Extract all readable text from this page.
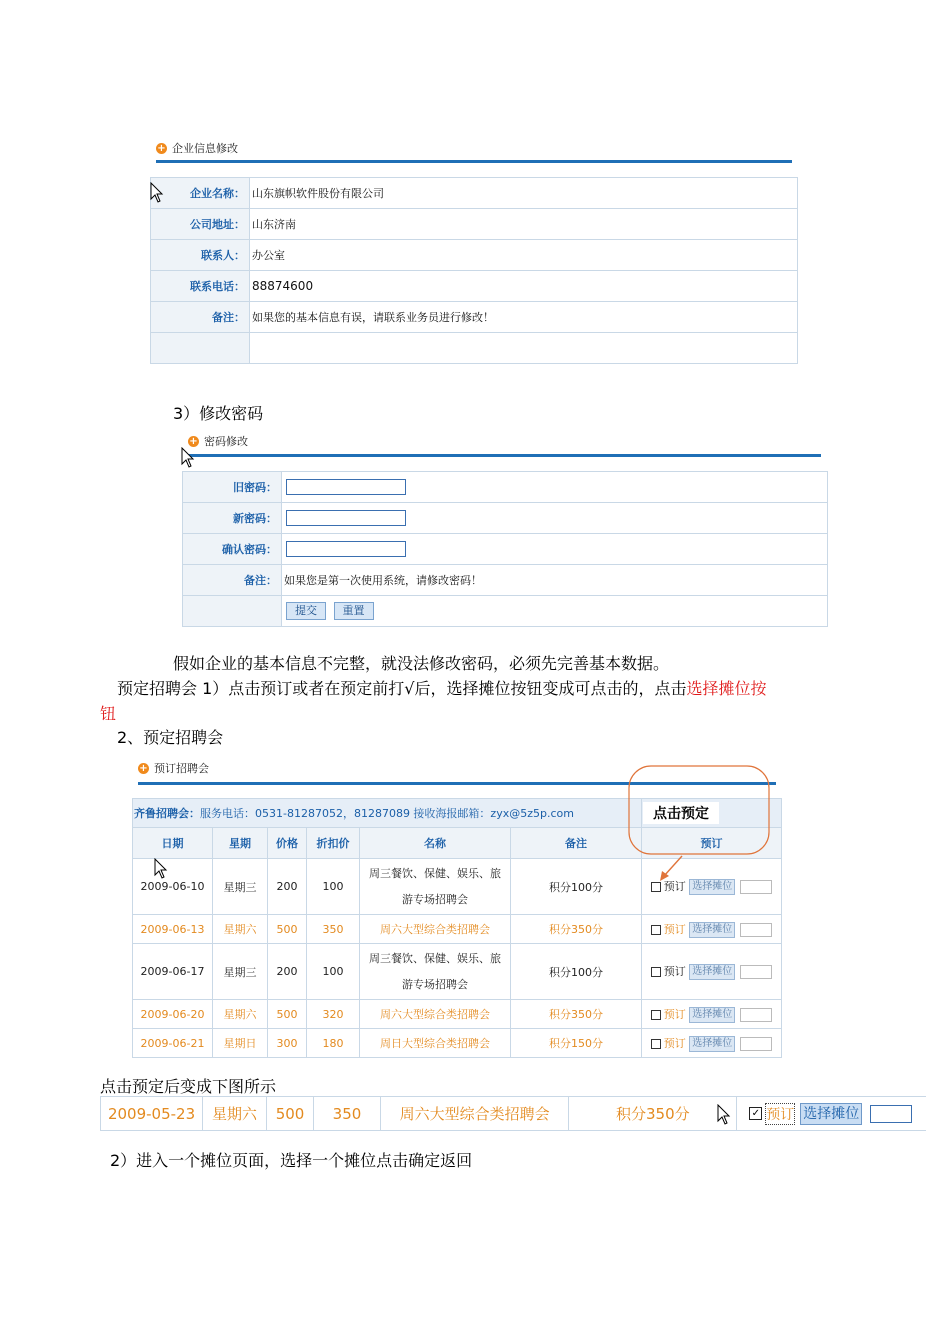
+ 企业信息修改
企业名称：	山东旗帜软件股份有限公司
公司地址：	山东济南
联系人：	办公室
联系电话：	88874600
备注：	如果您的基本信息有误，请联系业务员进行修改！

3）修改密码
+ 密码修改
旧密码：	
新密码：	
确认密码：	
备注：	如果您是第一次使用系统，请修改密码！
	提交 重置
假如企业的基本信息不完整，就没法修改密码，必须先完善基本数据。
预定招聘会 1）点击预订或者在预定前打√后，选择摊位按钮变成可点击的，点击选择摊位按
钮
2、预定招聘会
+ 预订招聘会
齐鲁招聘会：服务电话：0531-81287052，81287089 接收海报邮箱：zyx@5z5p.com						点击预定
日期	星期	价格	折扣价	名称	备注	预订
2009-06-10	星期三	200	100	周三餐饮、保健、娱乐、旅
游专场招聘会	积分100分	预订 选择摊位
2009-06-13	星期六	500	350	周六大型综合类招聘会	积分350分	预订 选择摊位
2009-06-17	星期三	200	100	周三餐饮、保健、娱乐、旅
游专场招聘会	积分100分	预订 选择摊位
2009-06-20	星期六	500	320	周六大型综合类招聘会	积分350分	预订 选择摊位
2009-06-21	星期日	300	180	周日大型综合类招聘会	积分150分	预订 选择摊位
点击预定后变成下图所示
2009-05-23	星期六	500	350	周六大型综合类招聘会	积分350分	✓ 预订 选择摊位
2）进入一个摊位页面，选择一个摊位点击确定返回
